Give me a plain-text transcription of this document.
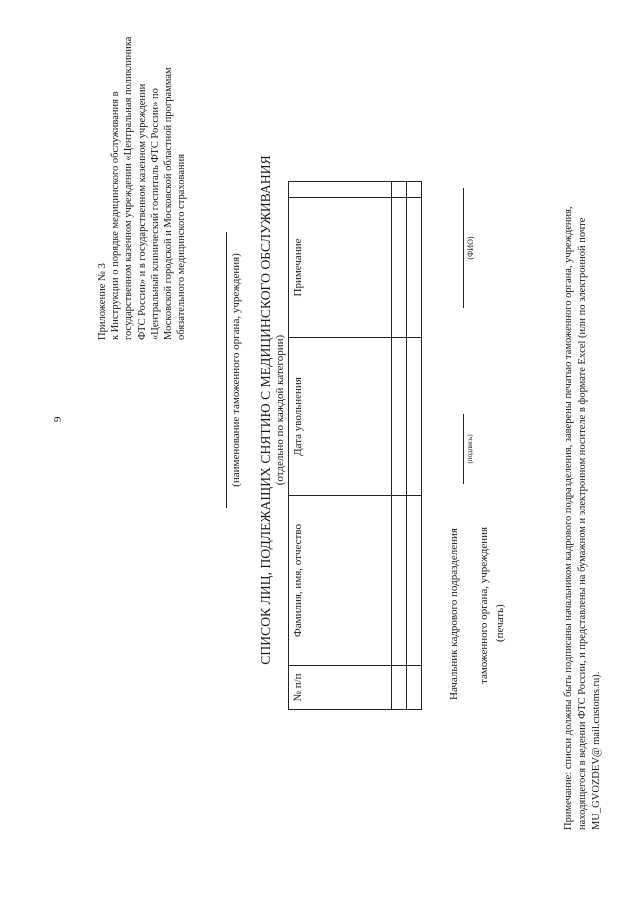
9
Приложение № 3 к Инструкции о порядке медицинского обслуживания в государственном казенном учреждении «Центральная поликлиника ФТС России» и в государственном казенном учреждении «Центральный клинический госпиталь ФТС России» по Московской городской и Московской областной программам обязательного медицинского страхования
(наименование таможенного органа, учреждения) СПИСОК ЛИЦ, ПОДЛЕЖАЩИХ СНЯТИЮ С МЕДИЦИНСКОГО ОБСЛУЖИВАНИЯ (отдельно по каждой категории)
№ п/п	Фамилия, имя, отчество	Дата увольнения	Примечание	

Начальник кадрового подразделения таможенного органа, учреждения (печать)
(подпись)
(ФИО)	Примечание: списки должны быть подписаны начальником кадрового подразделения, заверены печатью таможенного органа, учреждения, находящегося в ведении ФТС России, и представлены на бумажном и электронном носителе в формате Excel (или по электронной почте MU_GVOZDEV@ mail.customs.ru).
